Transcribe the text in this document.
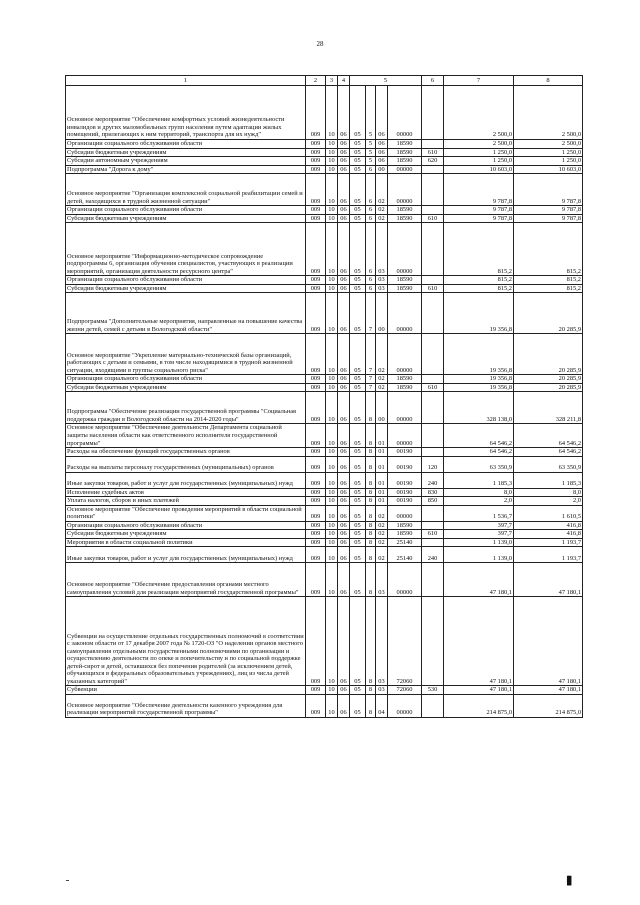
28
1	2	3	4	5				6	7	8
Основное мероприятие "Обеспечение комфортных условий жизнедеятельности инвалидов и других маломобильных групп населения путем адаптации жилых помещений, прилегающих к ним территорий, транспорта для их нужд"	009	10	06	05	5	06	00000		2 500,0	2 500,0
Организации социального обслуживания области	009	10	06	05	5	06	18590		2 500,0	2 500,0
Субсидии бюджетным учреждениям	009	10	06	05	5	06	18590	610	1 250,0	1 250,0
Субсидии автономным учреждениям	009	10	06	05	5	06	18590	620	1 250,0	1 250,0
Подпрограмма "Дорога к дому"	009	10	06	05	6	00	00000		10 603,0	10 603,0
Основное мероприятие "Организация комплексной социальной реабилитации семей и детей, находящихся в трудной жизненной ситуации"	009	10	06	05	6	02	00000		9 787,8	9 787,8
Организации социального обслуживания области	009	10	06	05	6	02	18590		9 787,8	9 787,8
Субсидии бюджетным учреждениям	009	10	06	05	6	02	18590	610	9 787,8	9 787,8
Основное мероприятие "Информационно-методическое сопровождение подпрограммы 6, организация обучения специалистов, участвующих в реализации мероприятий, организация деятельности ресурсного центра"	009	10	06	05	6	03	00000		815,2	815,2
Организации социального обслуживания области	009	10	06	05	6	03	18590		815,2	815,2
Субсидии бюджетным учреждениям	009	10	06	05	6	03	18590	610	815,2	815,2
Подпрограмма "Дополнительные мероприятия, направленные на повышение качества жизни детей, семей с детьми в Вологодской области"	009	10	06	05	7	00	00000		19 356,8	20 285,9
Основное мероприятие "Укрепление материально-технической базы организаций, работающих с детьми и семьями, в том числе находящимися в трудной жизненной ситуации, входящими в группы социального риска"	009	10	06	05	7	02	00000		19 356,8	20 285,9
Организации социального обслуживания области	009	10	06	05	7	02	18590		19 356,8	20 285,9
Субсидии бюджетным учреждениям	009	10	06	05	7	02	18590	610	19 356,8	20 285,9
Подпрограмма "Обеспечение реализации государственной программы "Социальная поддержка граждан в Вологодской области на 2014-2020 годы"	009	10	06	05	8	00	00000		328 138,0	328 211,8
Основное мероприятие "Обеспечение деятельности Департамента социальной защиты населения области как ответственного исполнителя государственной программы"	009	10	06	05	8	01	00000		64 546,2	64 546,2
Расходы на обеспечение функций государственных органов	009	10	06	05	8	01	00190		64 546,2	64 546,2
Расходы на выплаты персоналу государственных (муниципальных) органов	009	10	06	05	8	01	00190	120	63 350,9	63 350,9
Иные закупки товаров, работ и услуг для государственных (муниципальных) нужд	009	10	06	05	8	01	00190	240	1 185,3	1 185,3
Исполнение судебных актов	009	10	06	05	8	01	00190	830	8,0	8,0
Уплата налогов, сборов и иных платежей	009	10	06	05	8	01	00190	850	2,0	2,0
Основное мероприятие "Обеспечение проведения мероприятий в области социальной политики"	009	10	06	05	8	02	00000		1 536,7	1 610,5
Организации социального обслуживания области	009	10	06	05	8	02	18590		397,7	416,8
Субсидии бюджетным учреждениям	009	10	06	05	8	02	18590	610	397,7	416,8
Мероприятия в области социальной политики	009	10	06	05	8	02	25140		1 139,0	1 193,7
Иные закупки товаров, работ и услуг для государственных (муниципальных) нужд	009	10	06	05	8	02	25140	240	1 139,0	1 193,7
Основное мероприятие "Обеспечение предоставления органами местного самоуправления условий для реализации мероприятий государственной программы"	009	10	06	05	8	03	00000		47 180,1	47 180,1
Субвенции на осуществление отдельных государственных полномочий в соответствии с законом области от 17 декабря 2007 года № 1720-ОЗ "О наделении органов местного самоуправления отдельными государственными полномочиями по организации и осуществлению деятельности по опеке и попечительству и по социальной поддержке детей-сирот и детей, оставшихся без попечения родителей (за исключением детей, обучающихся в федеральных образовательных учреждениях), лиц из числа детей указанных категорий"	009	10	06	05	8	03	72060		47 180,1	47 180,1
Субвенции	009	10	06	05	8	03	72060	530	47 180,1	47 180,1
Основное мероприятие "Обеспечение деятельности казенного учреждения для реализации мероприятий государственной программы"	009	10	06	05	8	04	00000		214 875,0	214 875,0
▐▌
